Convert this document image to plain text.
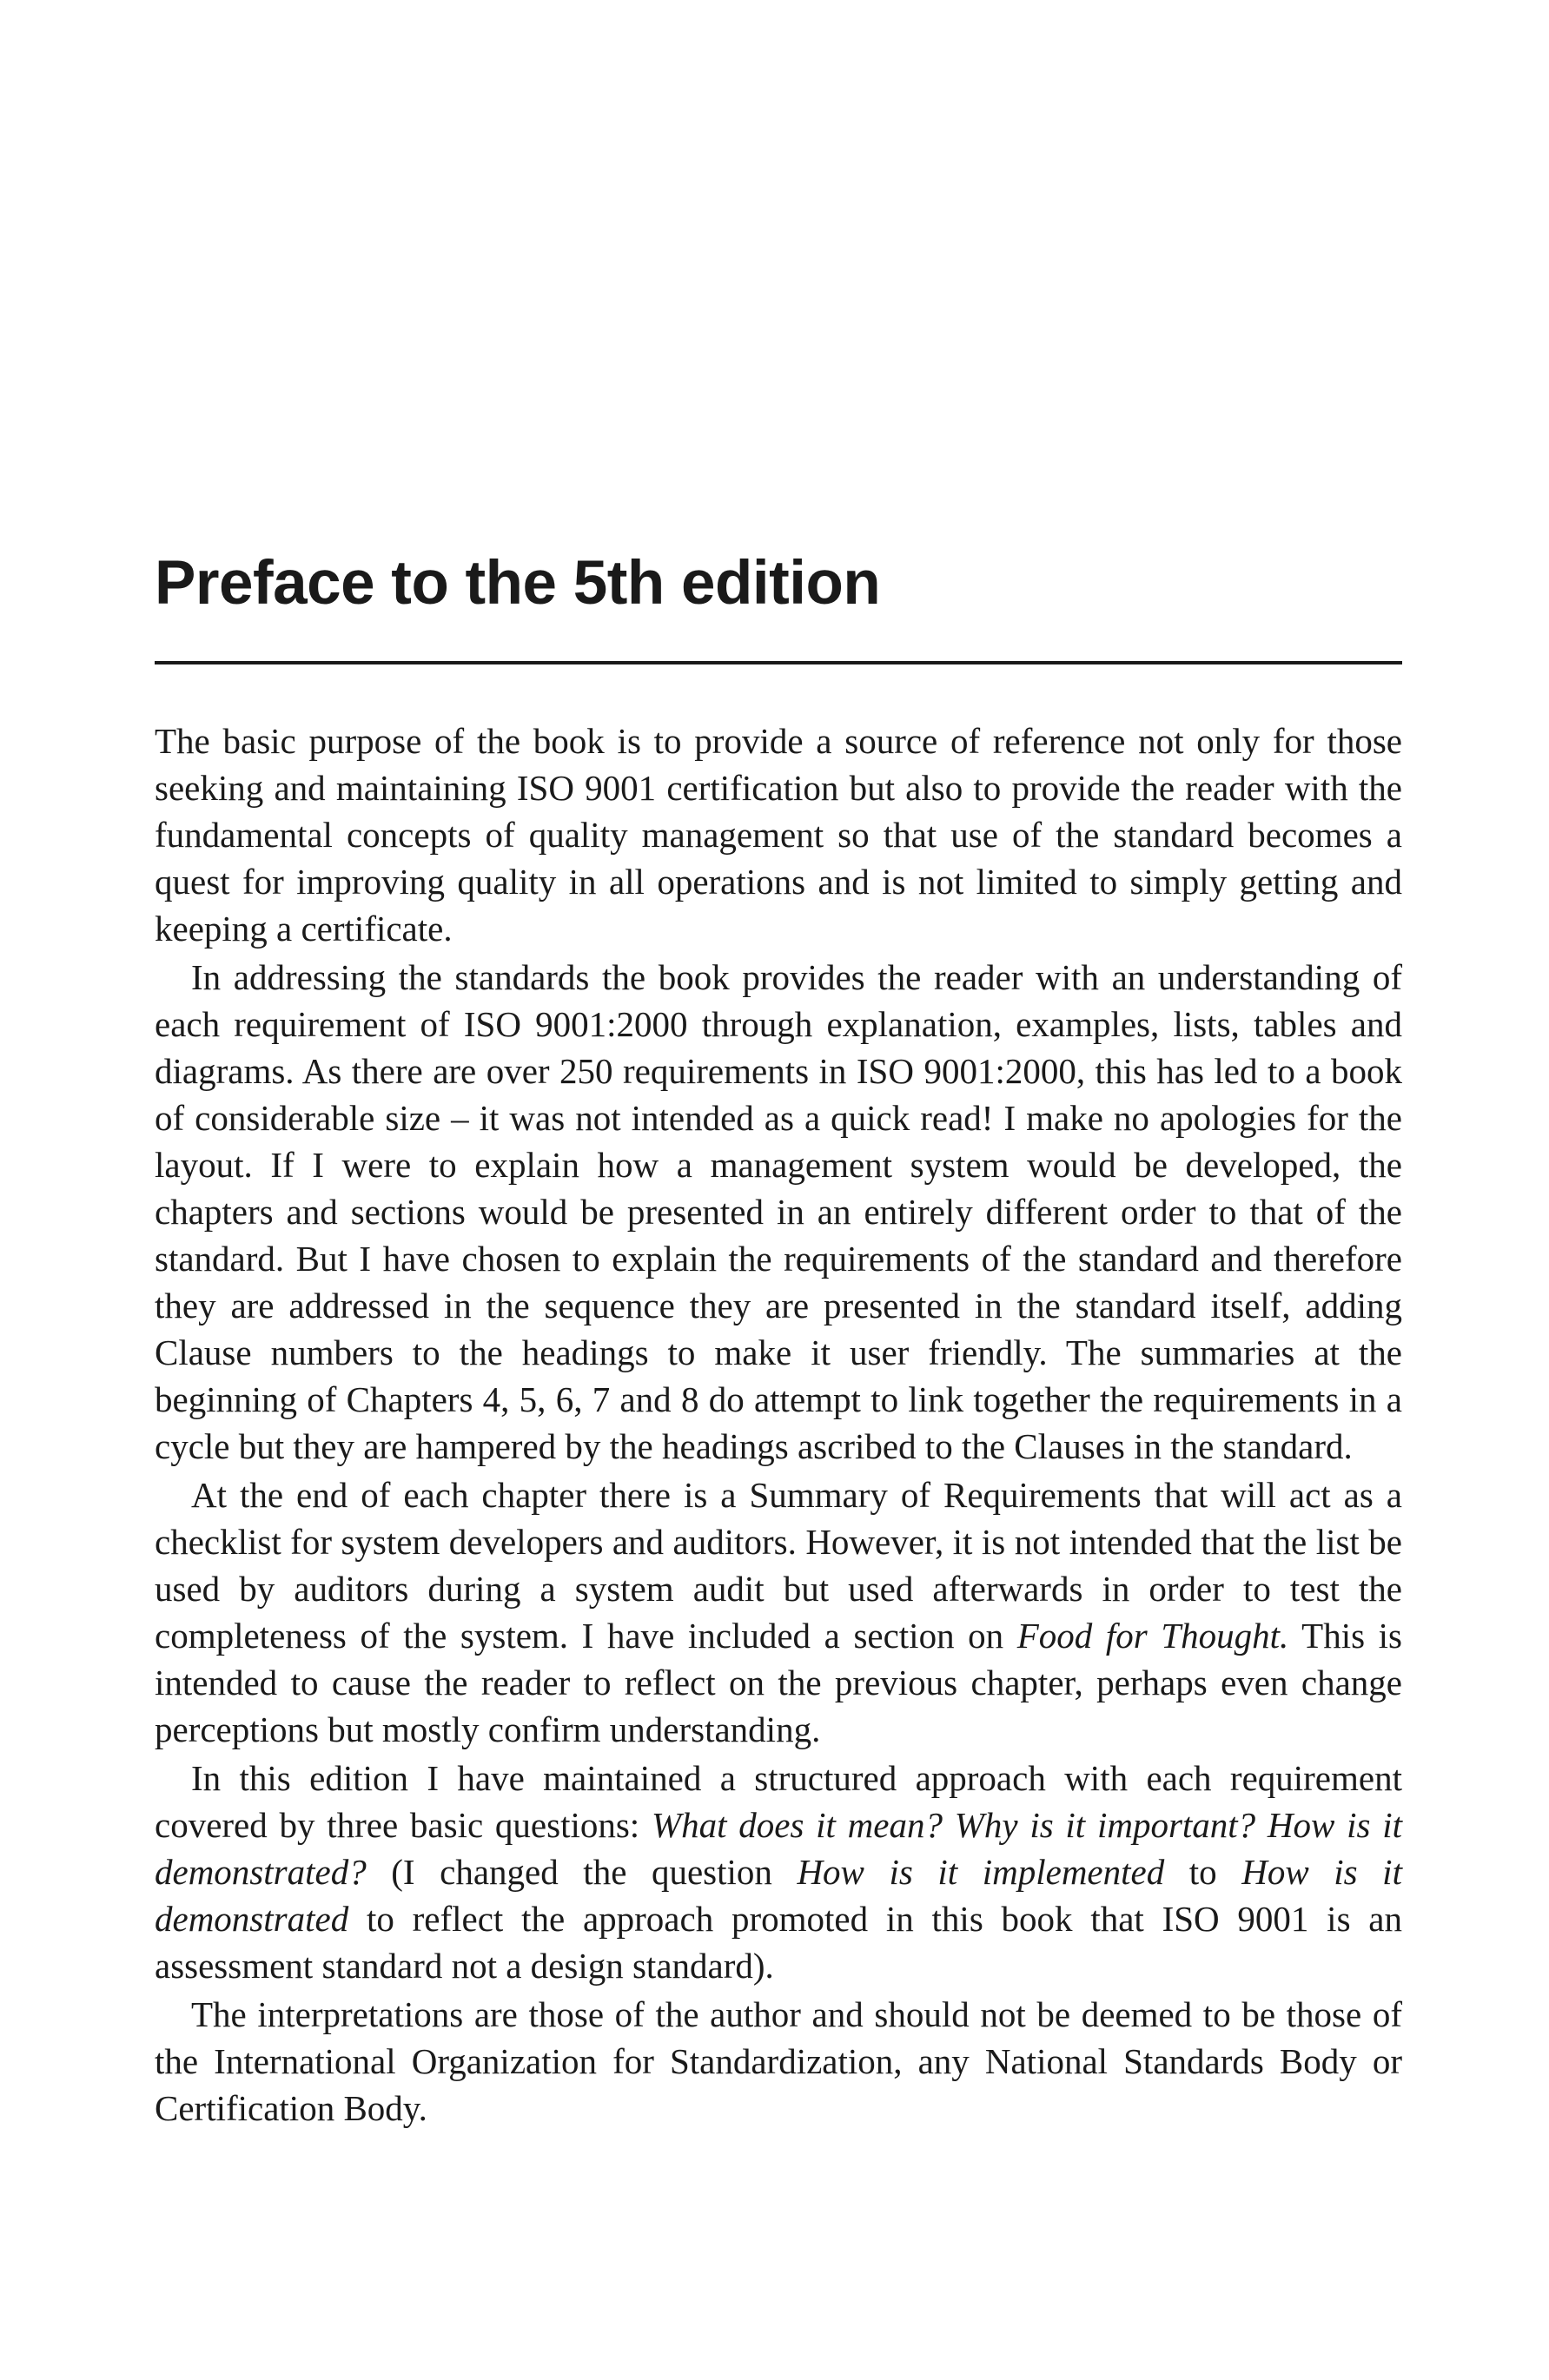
Preface to the 5th edition

The basic purpose of the book is to provide a source of reference not only for those seeking and maintaining ISO 9001 certification but also to provide the reader with the fundamental concepts of quality management so that use of the standard becomes a quest for improving quality in all operations and is not limited to simply getting and keeping a certificate.

In addressing the standards the book provides the reader with an understanding of each requirement of ISO 9001:2000 through explanation, examples, lists, tables and diagrams. As there are over 250 requirements in ISO 9001:2000, this has led to a book of considerable size – it was not intended as a quick read! I make no apologies for the layout. If I were to explain how a management system would be developed, the chapters and sections would be presented in an entirely different order to that of the standard. But I have chosen to explain the requirements of the standard and therefore they are addressed in the sequence they are presented in the standard itself, adding Clause numbers to the headings to make it user friendly. The summaries at the beginning of Chapters 4, 5, 6, 7 and 8 do attempt to link together the requirements in a cycle but they are hampered by the headings ascribed to the Clauses in the standard.

At the end of each chapter there is a Summary of Requirements that will act as a checklist for system developers and auditors. However, it is not intended that the list be used by auditors during a system audit but used afterwards in order to test the completeness of the system. I have included a section on Food for Thought. This is intended to cause the reader to reflect on the previous chapter, perhaps even change perceptions but mostly confirm understanding.

In this edition I have maintained a structured approach with each requirement covered by three basic questions: What does it mean? Why is it important? How is it demonstrated? (I changed the question How is it implemented to How is it demonstrated to reflect the approach promoted in this book that ISO 9001 is an assessment standard not a design standard).

The interpretations are those of the author and should not be deemed to be those of the International Organization for Standardization, any National Standards Body or Certification Body.
